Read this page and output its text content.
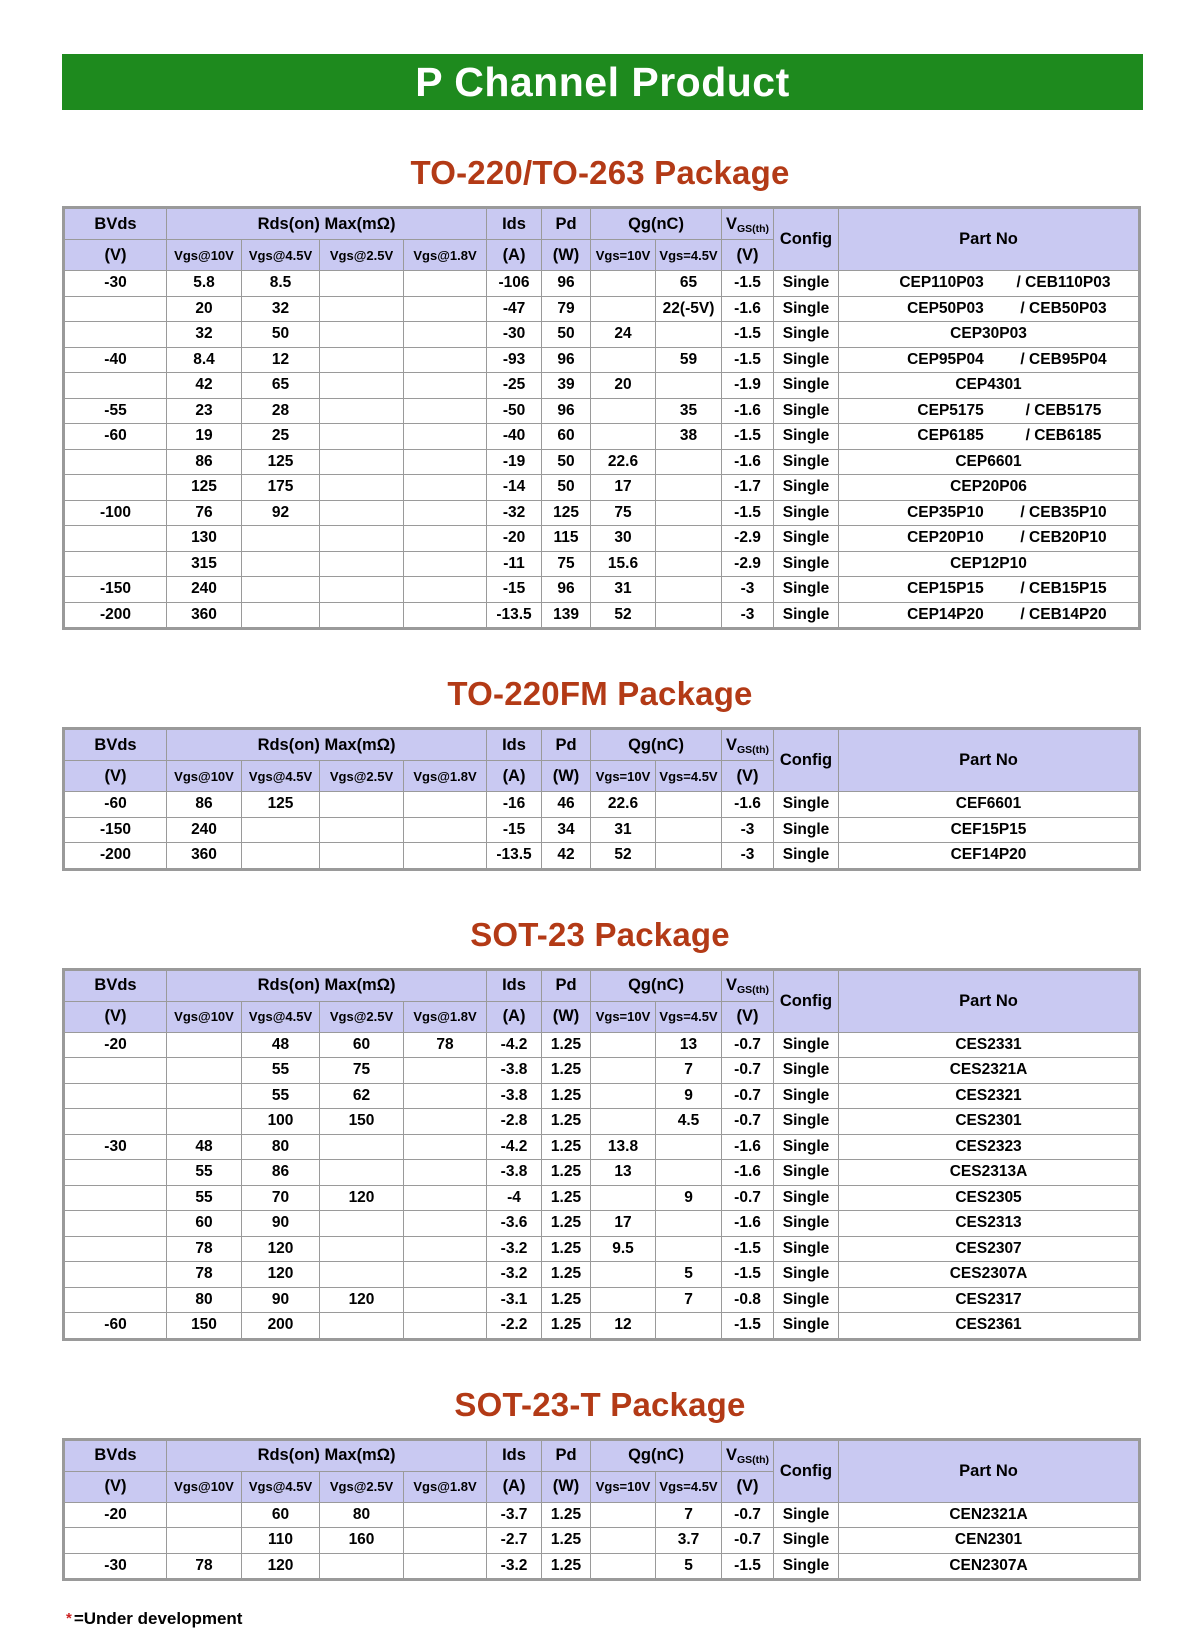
P Channel Product
TO-220/TO-263 Package
BVds	Rds(on) Max(mΩ)				Ids	Pd	Qg(nC)		$V_{GS(th)}$	Config	Part No
(V)	Vgs@10V	Vgs@4.5V	Vgs@2.5V	Vgs@1.8V	(A)	(W)	Vgs=10V	Vgs=4.5V	(V)		
-30	5.8	8.5			-106	96		65	-1.5	Single	CEP110P03 / CEB110P03
	20	32			-47	79		22(-5V)	-1.6	Single	CEP50P03 / CEB50P03
	32	50			-30	50	24		-1.5	Single	CEP30P03
-40	8.4	12			-93	96		59	-1.5	Single	CEP95P04 / CEB95P04
	42	65			-25	39	20		-1.9	Single	CEP4301
-55	23	28			-50	96		35	-1.6	Single	CEP5175 / CEB5175
-60	19	25			-40	60		38	-1.5	Single	CEP6185 / CEB6185
	86	125			-19	50	22.6		-1.6	Single	CEP6601
	125	175			-14	50	17		-1.7	Single	CEP20P06
-100	76	92			-32	125	75		-1.5	Single	CEP35P10 / CEB35P10
	130				-20	115	30		-2.9	Single	CEP20P10 / CEB20P10
	315				-11	75	15.6		-2.9	Single	CEP12P10
-150	240				-15	96	31		-3	Single	CEP15P15 / CEB15P15
-200	360				-13.5	139	52		-3	Single	CEP14P20 / CEB14P20
TO-220FM Package
BVds	Rds(on) Max(mΩ)				Ids	Pd	Qg(nC)		$V_{GS(th)}$	Config	Part No
(V)	Vgs@10V	Vgs@4.5V	Vgs@2.5V	Vgs@1.8V	(A)	(W)	Vgs=10V	Vgs=4.5V	(V)		
-60	86	125			-16	46	22.6		-1.6	Single	CEF6601
-150	240				-15	34	31		-3	Single	CEF15P15
-200	360				-13.5	42	52		-3	Single	CEF14P20
SOT-23 Package
BVds	Rds(on) Max(mΩ)				Ids	Pd	Qg(nC)		$V_{GS(th)}$	Config	Part No
(V)	Vgs@10V	Vgs@4.5V	Vgs@2.5V	Vgs@1.8V	(A)	(W)	Vgs=10V	Vgs=4.5V	(V)		
-20		48	60	78	-4.2	1.25		13	-0.7	Single	CES2331
		55	75		-3.8	1.25		7	-0.7	Single	CES2321A
		55	62		-3.8	1.25		9	-0.7	Single	CES2321
		100	150		-2.8	1.25		4.5	-0.7	Single	CES2301
-30	48	80			-4.2	1.25	13.8		-1.6	Single	CES2323
	55	86			-3.8	1.25	13		-1.6	Single	CES2313A
	55	70	120		-4	1.25		9	-0.7	Single	CES2305
	60	90			-3.6	1.25	17		-1.6	Single	CES2313
	78	120			-3.2	1.25	9.5		-1.5	Single	CES2307
	78	120			-3.2	1.25		5	-1.5	Single	CES2307A
	80	90	120		-3.1	1.25		7	-0.8	Single	CES2317
-60	150	200			-2.2	1.25	12		-1.5	Single	CES2361
SOT-23-T Package
BVds	Rds(on) Max(mΩ)				Ids	Pd	Qg(nC)		$V_{GS(th)}$	Config	Part No
(V)	Vgs@10V	Vgs@4.5V	Vgs@2.5V	Vgs@1.8V	(A)	(W)	Vgs=10V	Vgs=4.5V	(V)		
-20		60	80		-3.7	1.25		7	-0.7	Single	CEN2321A
		110	160		-2.7	1.25		3.7	-0.7	Single	CEN2301
-30	78	120			-3.2	1.25		5	-1.5	Single	CEN2307A
* =Under development
